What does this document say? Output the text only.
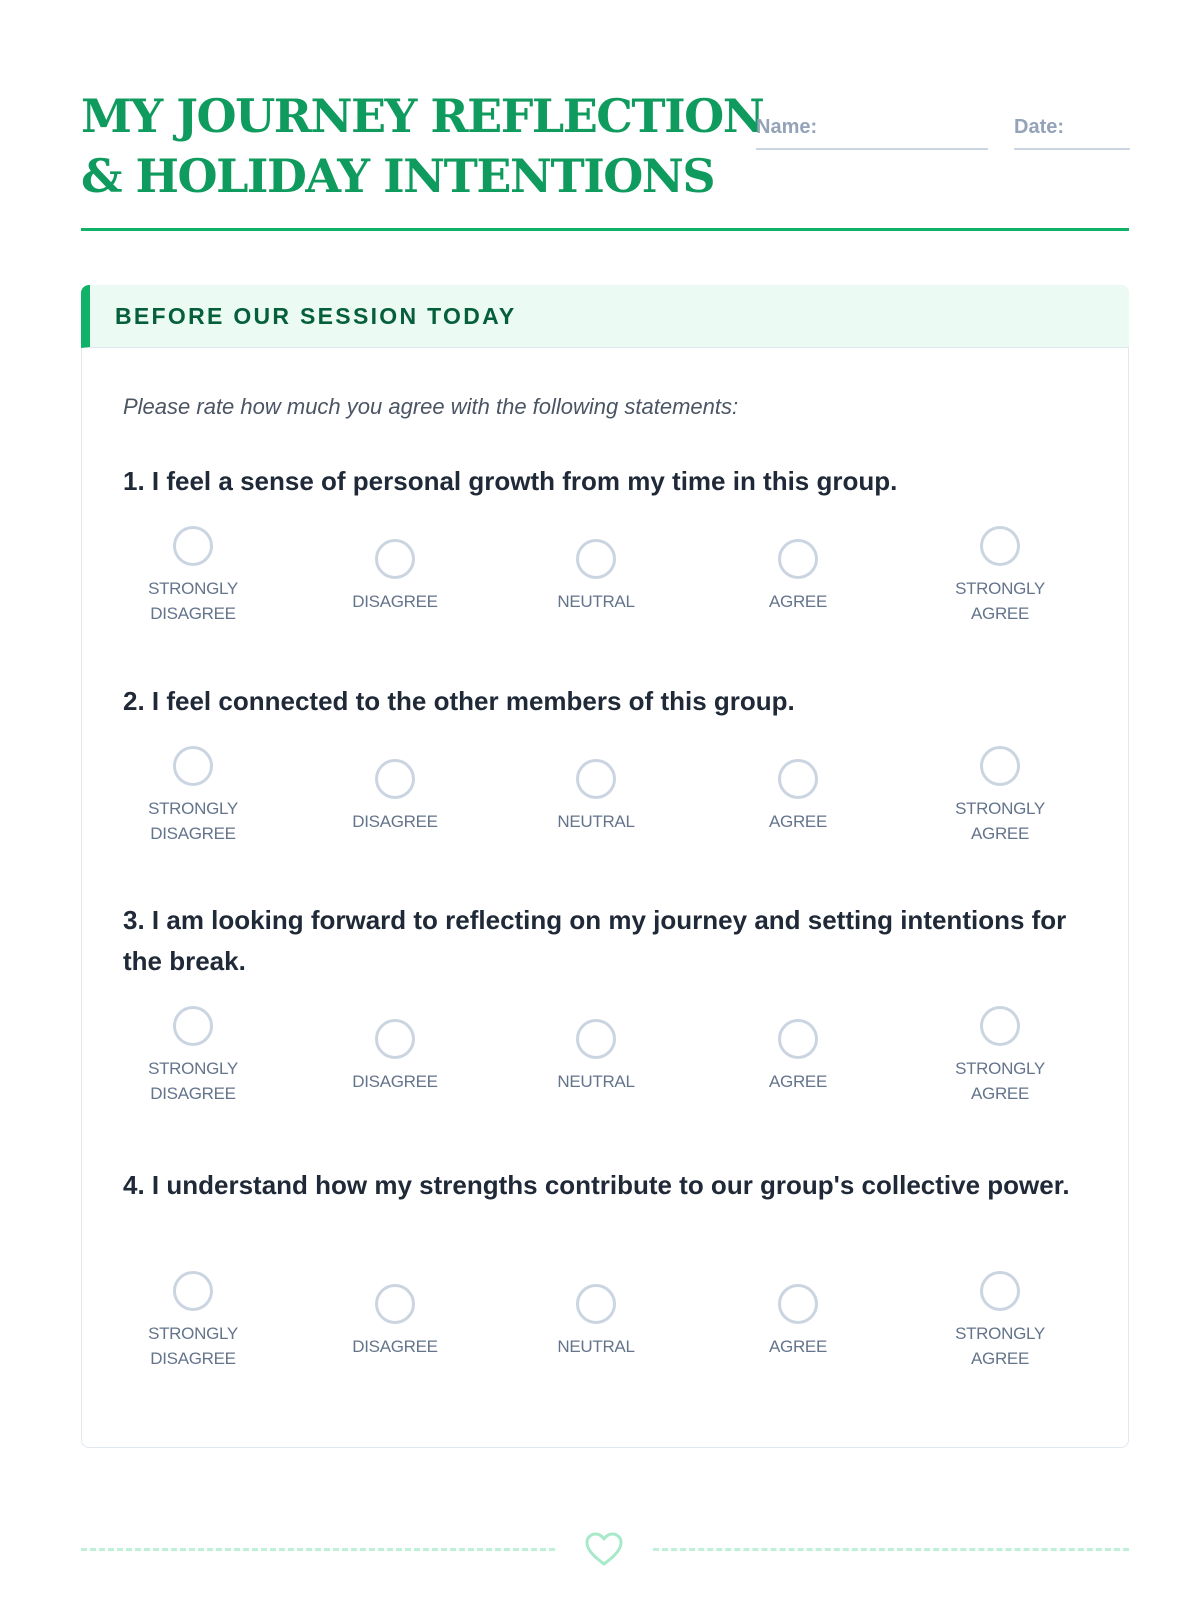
MY JOURNEY REFLECTION
& HOLIDAY INTENTIONS
Name:	Date:
BEFORE OUR SESSION TODAY
Please rate how much you agree with the following statements:
1. I feel a sense of personal growth from my time in this group.
STRONGLY
DISAGREE
DISAGREE	NEUTRAL	AGREE
STRONGLY
AGREE
2. I feel connected to the other members of this group.
STRONGLY
DISAGREE
DISAGREE	NEUTRAL	AGREE
STRONGLY
AGREE
3. I am looking forward to reflecting on my journey and setting intentions for the break.
STRONGLY
DISAGREE
DISAGREE	NEUTRAL	AGREE
STRONGLY
AGREE
4. I understand how my strengths contribute to our group's collective power.
STRONGLY
DISAGREE
DISAGREE	NEUTRAL	AGREE
STRONGLY
AGREE
